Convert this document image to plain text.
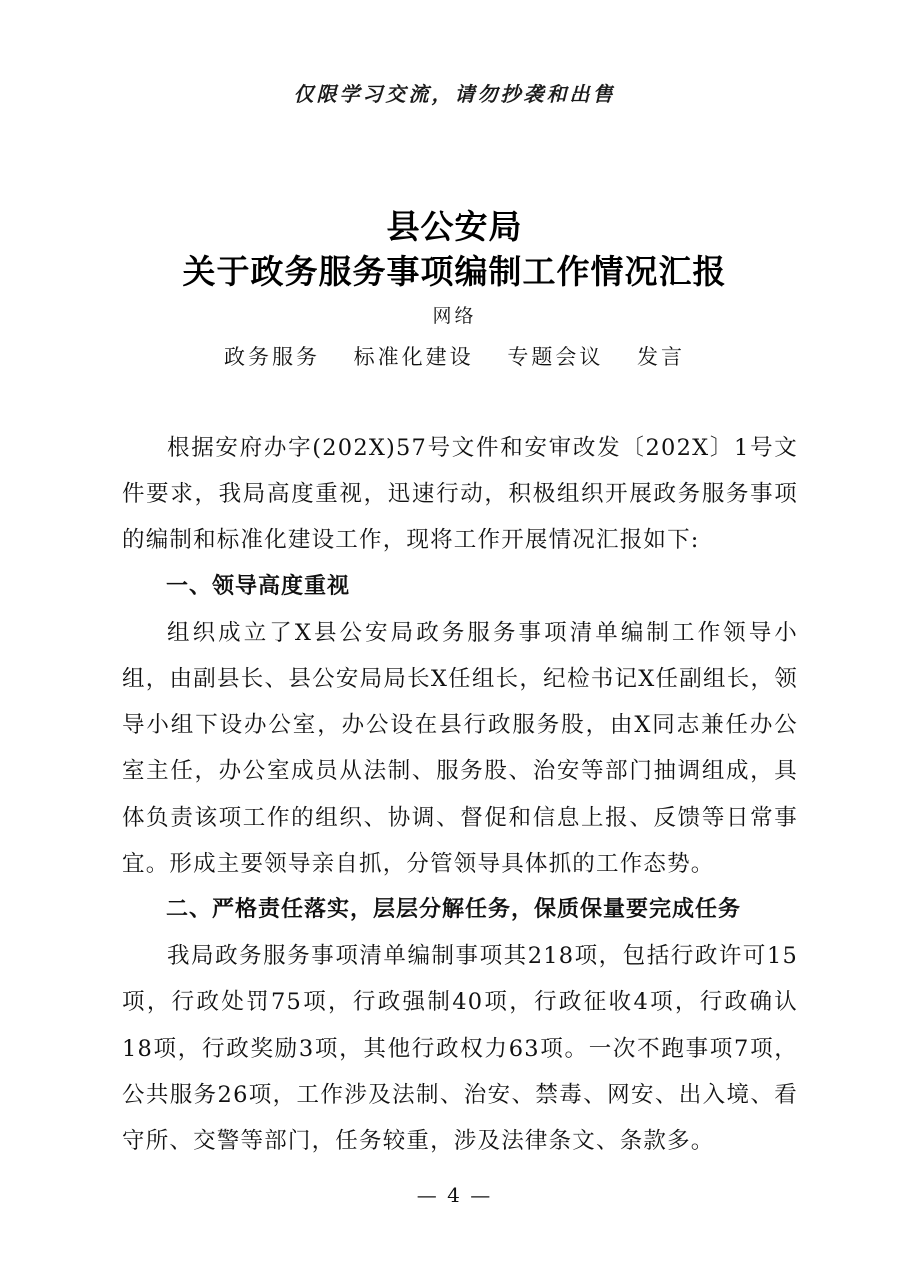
仅限学习交流，请勿抄袭和出售
县公安局
关于政务服务事项编制工作情况汇报
网络
政务服务 标准化建设 专题会议 发言

根据安府办字(202X)57号文件和安审改发〔202X〕1号文件要求，我局高度重视，迅速行动，积极组织开展政务服务事项的编制和标准化建设工作，现将工作开展情况汇报如下:

一、领导高度重视

组织成立了X县公安局政务服务事项清单编制工作领导小组，由副县长、县公安局局长X任组长，纪检书记X任副组长，领导小组下设办公室，办公设在县行政服务股，由X同志兼任办公室主任，办公室成员从法制、服务股、治安等部门抽调组成，具体负责该项工作的组织、协调、督促和信息上报、反馈等日常事宜。形成主要领导亲自抓，分管领导具体抓的工作态势。

二、严格责任落实，层层分解任务，保质保量要完成任务

我局政务服务事项清单编制事项其218项，包括行政许可15项，行政处罚75项，行政强制40项，行政征收4项，行政确认18项，行政奖励3项，其他行政权力63项。一次不跑事项7项，公共服务26项，工作涉及法制、治安、禁毒、网安、出入境、看守所、交警等部门，任务较重，涉及法律条文、条款多。

— 4 —
